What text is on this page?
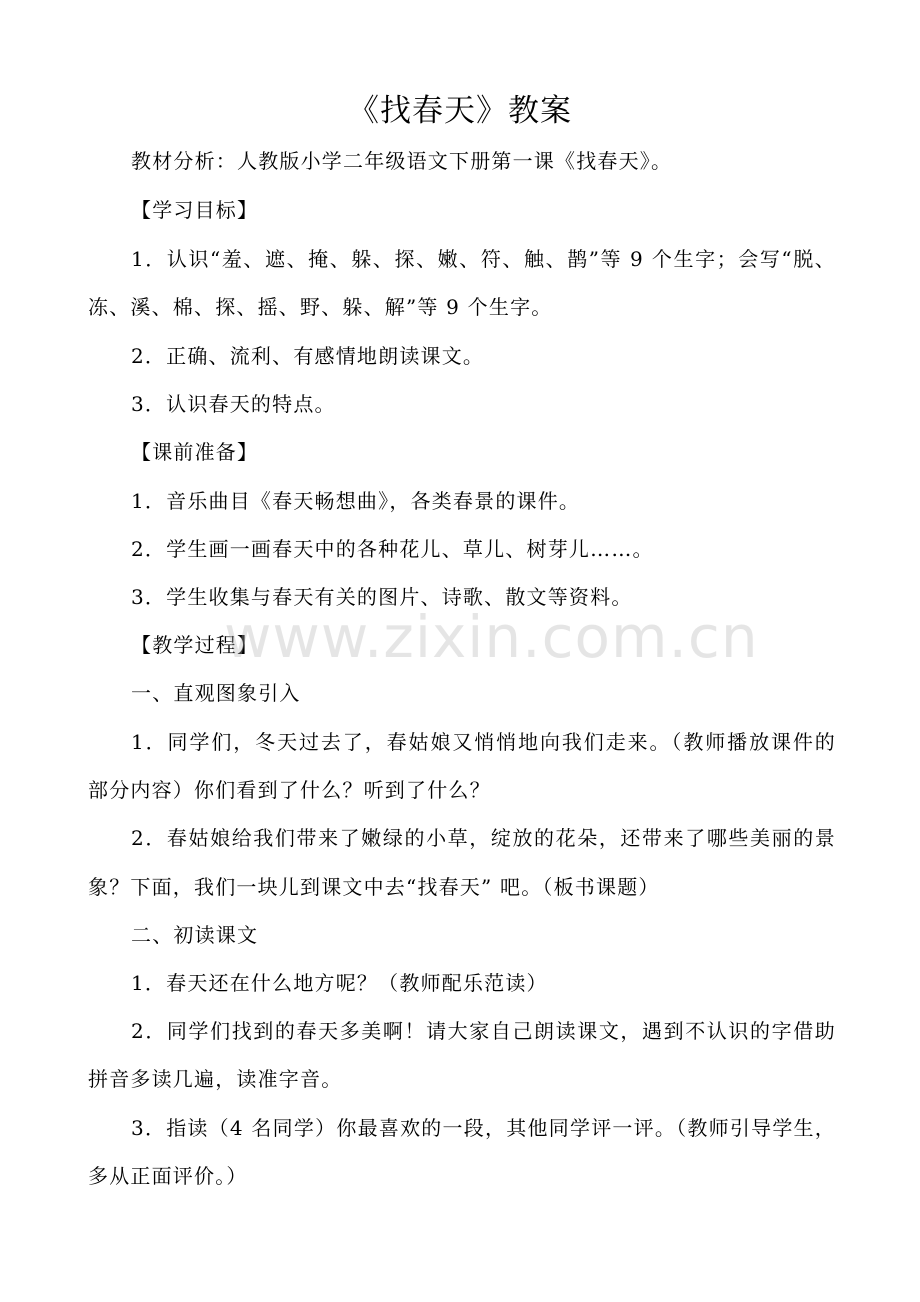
《找春天》教案
教材分析：人教版小学二年级语文下册第一课《找春天》。
【学习目标】
1．认识“羞、遮、掩、躲、探、嫩、符、触、鹊”等 9 个生字；会写“脱、
冻、溪、棉、探、摇、野、躲、解”等 9 个生字。
2．正确、流利、有感情地朗读课文。
3．认识春天的特点。
【课前准备】
1．音乐曲目《春天畅想曲》，各类春景的课件。
2．学生画一画春天中的各种花儿、草儿、树芽儿……。
3．学生收集与春天有关的图片、诗歌、散文等资料。
【教学过程】
一、直观图象引入
1．同学们，冬天过去了，春姑娘又悄悄地向我们走来。（教师播放课件的
部分内容）你们看到了什么？听到了什么？
2．春姑娘给我们带来了嫩绿的小草，绽放的花朵，还带来了哪些美丽的景
象？下面，我们一块儿到课文中去“找春天” 吧。（板书课题）
二、初读课文
1．春天还在什么地方呢？（教师配乐范读）
2．同学们找到的春天多美啊！请大家自己朗读课文，遇到不认识的字借助
拼音多读几遍，读准字音。
3．指读（4 名同学）你最喜欢的一段，其他同学评一评。（教师引导学生，
多从正面评价。）
www.zixin.com.cn
